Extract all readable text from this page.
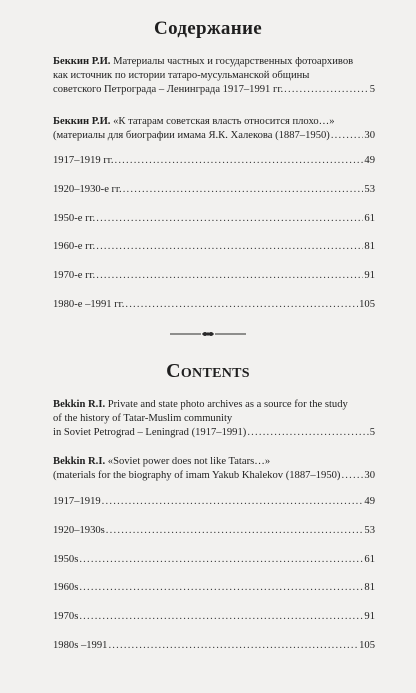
Содержание
Беккин Р.И. Материалы частных и государственных фотоархивов
как источник по истории татаро-мусульманской общины
советского Петрограда – Ленинграда 1917–1991 гг. .....	5
Беккин Р.И. «К татарам советская власть относится плохо…»
(материалы для биографии имама Я.К. Халекова (1887–1950) .....	30
1917–1919 гг. .....	49
1920–1930-е гг. .....	53
1950-е гг. .....	61
1960-е гг. .....	81
1970-е гг. .....	91
1980-е –1991 гг. .....	105
Contents
Bekkin R.I. Private and state photo archives as a source for the study
of the history of Tatar-Muslim community
in Soviet Petrograd – Leningrad (1917–1991) .....	5
Bekkin R.I. «Soviet power does not like Tatars…»
(materials for the biography of imam Yakub Khalekov (1887–1950) ..... 30
1917–1919 .....	49
1920–1930s .....	53
1950s .....	61
1960s .....	81
1970s .....	91
1980s –1991 .....	105
